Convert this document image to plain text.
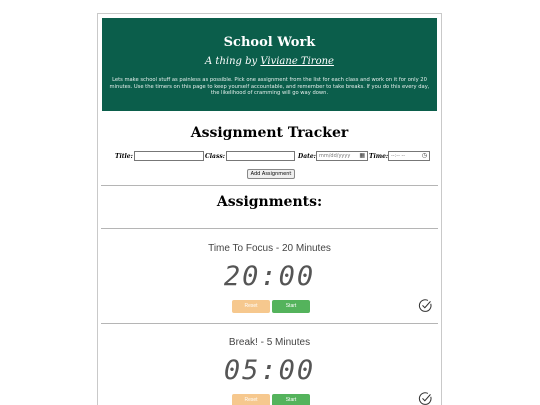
School Work
A thing by Viviane Tirone
Lets make school stuff as painless as possible. Pick one assignment from the list for each class and work on it for only 20 minutes. Use the timers on this page to keep yourself accountable, and remember to take breaks. If you do this every day, the likelihood of cramming will go way down.
Assignment Tracker
Title:	Class:	Date: mm/dd/yyyy ▦ Time: --:-- --	◷
Add Assignment
Assignments:
Time To Focus - 20 Minutes
20:00
Reset	Start
Break! - 5 Minutes
05:00
Reset	Start
